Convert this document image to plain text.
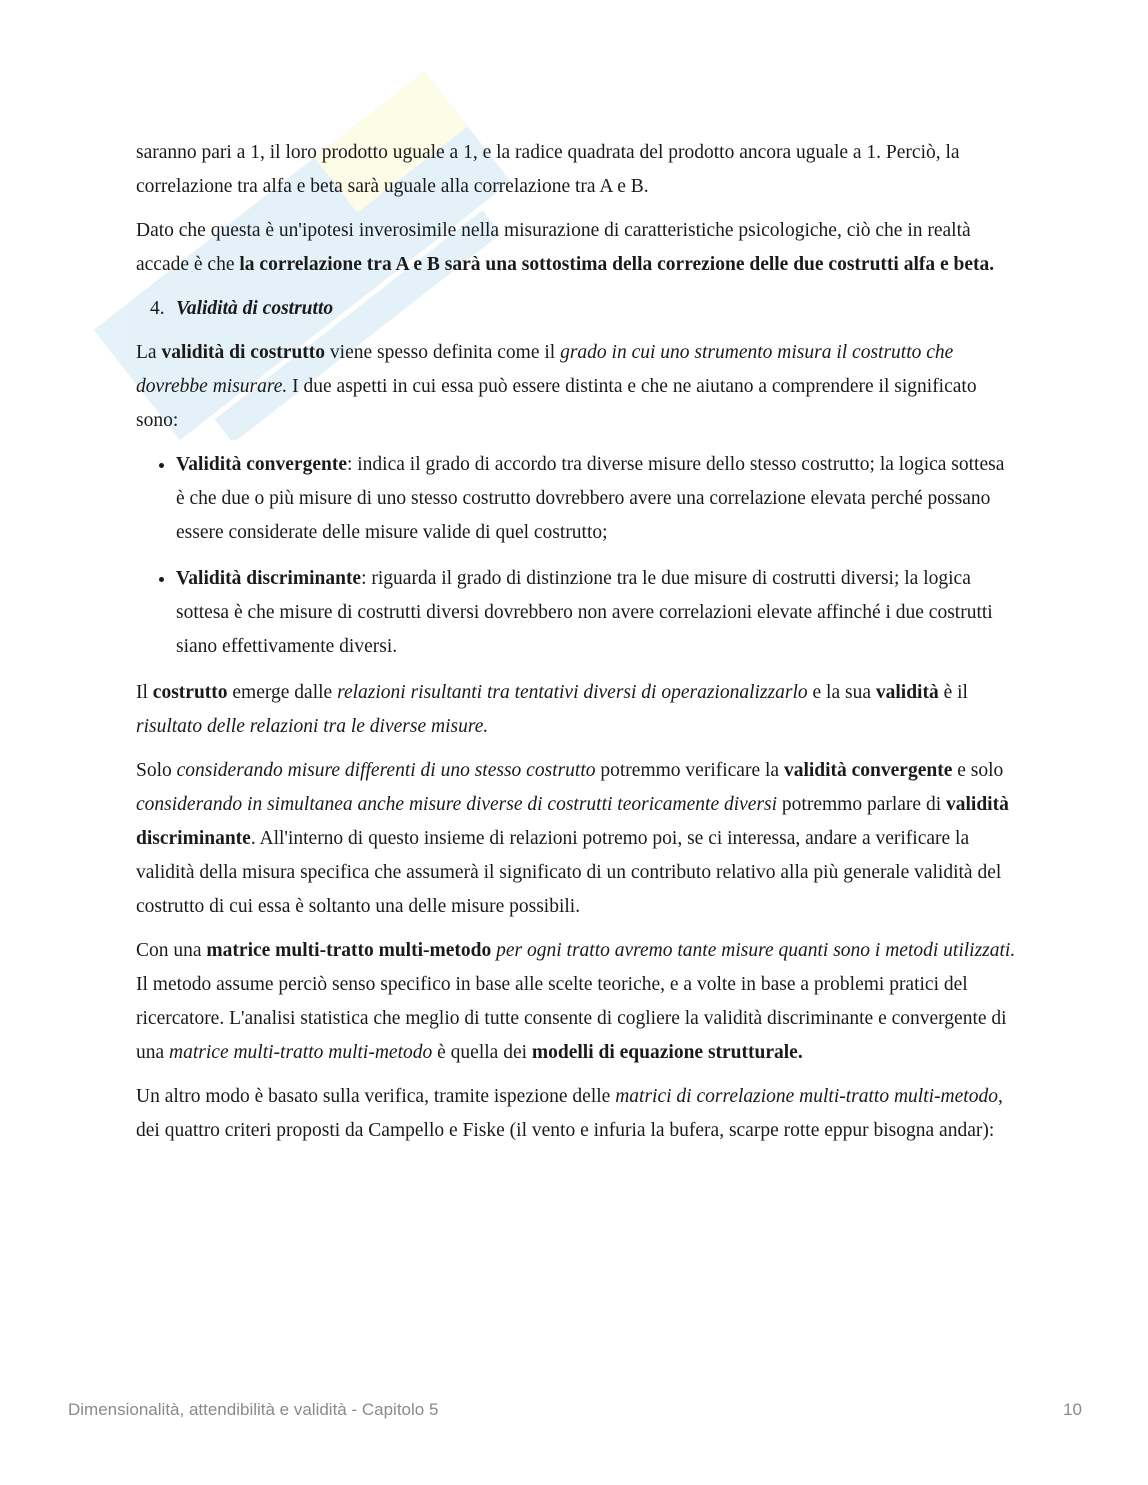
saranno pari a 1, il loro prodotto uguale a 1, e la radice quadrata del prodotto ancora uguale a 1. Perciò, la correlazione tra alfa e beta sarà uguale alla correlazione tra A e B.

Dato che questa è un'ipotesi inverosimile nella misurazione di caratteristiche psicologiche, ciò che in realtà accade è che la correlazione tra A e B sarà una sottostima della correzione delle due costrutti alfa e beta.

4. Validità di costrutto

La validità di costrutto viene spesso definita come il grado in cui uno strumento misura il costrutto che dovrebbe misurare. I due aspetti in cui essa può essere distinta e che ne aiutano a comprendere il significato sono:

• Validità convergente: indica il grado di accordo tra diverse misure dello stesso costrutto; la logica sottesa è che due o più misure di uno stesso costrutto dovrebbero avere una correlazione elevata perché possano essere considerate delle misure valide di quel costrutto;
• Validità discriminante: riguarda il grado di distinzione tra le due misure di costrutti diversi; la logica sottesa è che misure di costrutti diversi dovrebbero non avere correlazioni elevate affinché i due costrutti siano effettivamente diversi.

Il costrutto emerge dalle relazioni risultanti tra tentativi diversi di operazionalizzarlo e la sua validità è il risultato delle relazioni tra le diverse misure.

Solo considerando misure differenti di uno stesso costrutto potremmo verificare la validità convergente e solo considerando in simultanea anche misure diverse di costrutti teoricamente diversi potremmo parlare di validità discriminante. All'interno di questo insieme di relazioni potremo poi, se ci interessa, andare a verificare la validità della misura specifica che assumerà il significato di un contributo relativo alla più generale validità del costrutto di cui essa è soltanto una delle misure possibili.

Con una matrice multi-tratto multi-metodo per ogni tratto avremo tante misure quanti sono i metodi utilizzati. Il metodo assume perciò senso specifico in base alle scelte teoriche, e a volte in base a problemi pratici del ricercatore. L'analisi statistica che meglio di tutte consente di cogliere la validità discriminante e convergente di una matrice multi-tratto multi-metodo è quella dei modelli di equazione strutturale.

Un altro modo è basato sulla verifica, tramite ispezione delle matrici di correlazione multi-tratto multi-metodo, dei quattro criteri proposti da Campello e Fiske (il vento e infuria la bufera, scarpe rotte eppur bisogna andar):

Dimensionalità, attendibilità e validità - Capitolo 5	10
